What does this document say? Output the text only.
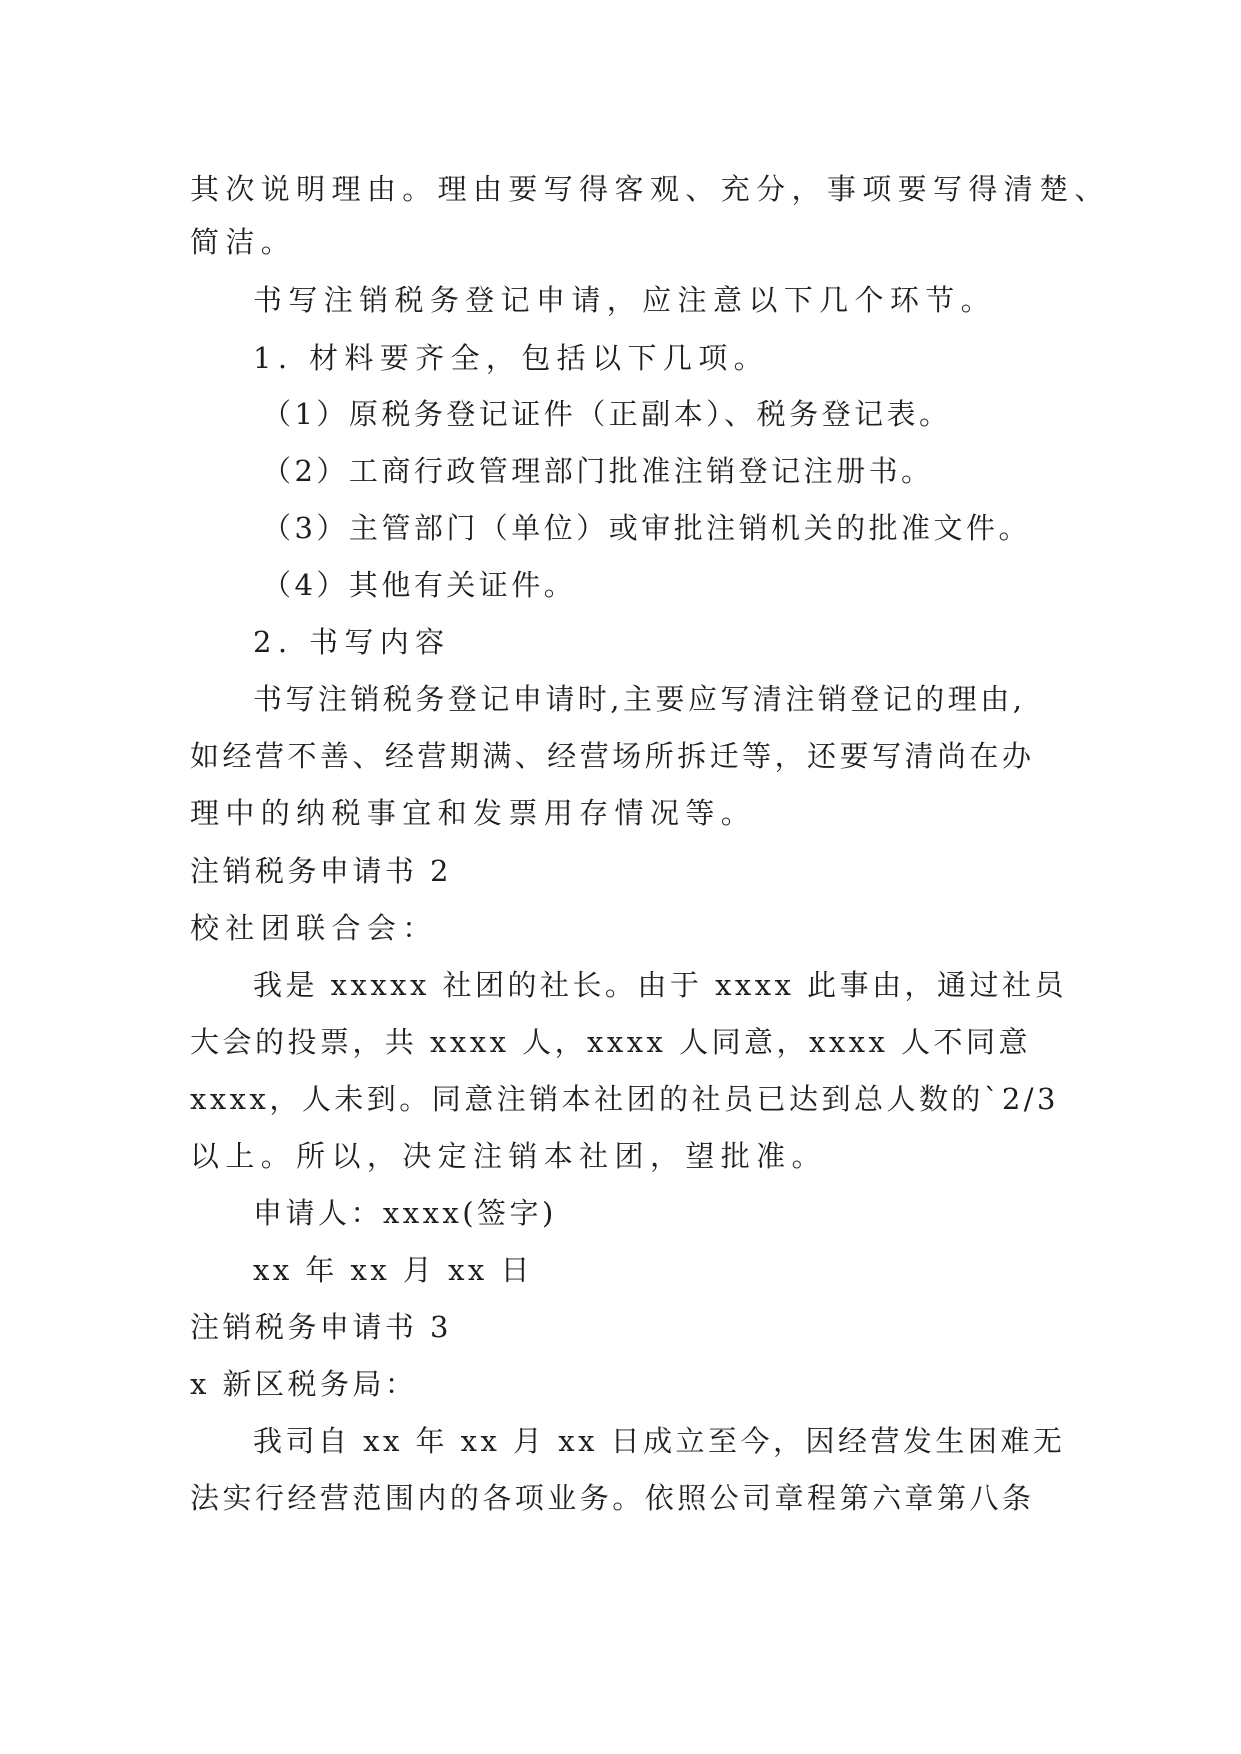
其次说明理由。理由要写得客观、充分，事项要写得清楚、

简洁。

书写注销税务登记申请，应注意以下几个环节。

1. 材料要齐全，包括以下几项。

（1）原税务登记证件（正副本）、税务登记表。

（2）工商行政管理部门批准注销登记注册书。

（3）主管部门（单位）或审批注销机关的批准文件。

（4）其他有关证件。

2. 书写内容

书写注销税务登记申请时,主要应写清注销登记的理由,

如经营不善、经营期满、经营场所拆迁等，还要写清尚在办

理中的纳税事宜和发票用存情况等。

注销税务申请书 2

校社团联合会：

我是 xxxxx 社团的社长。由于 xxxx 此事由，通过社员

大会的投票，共 xxxx 人，xxxx 人同意，xxxx 人不同意

xxxx，人未到。同意注销本社团的社员已达到总人数的`2/3

以上。所以，决定注销本社团，望批准。

申请人：xxxx(签字)

xx 年 xx 月 xx 日

注销税务申请书 3

x 新区税务局：

我司自 xx 年 xx 月 xx 日成立至今，因经营发生困难无

法实行经营范围内的各项业务。依照公司章程第六章第八条
